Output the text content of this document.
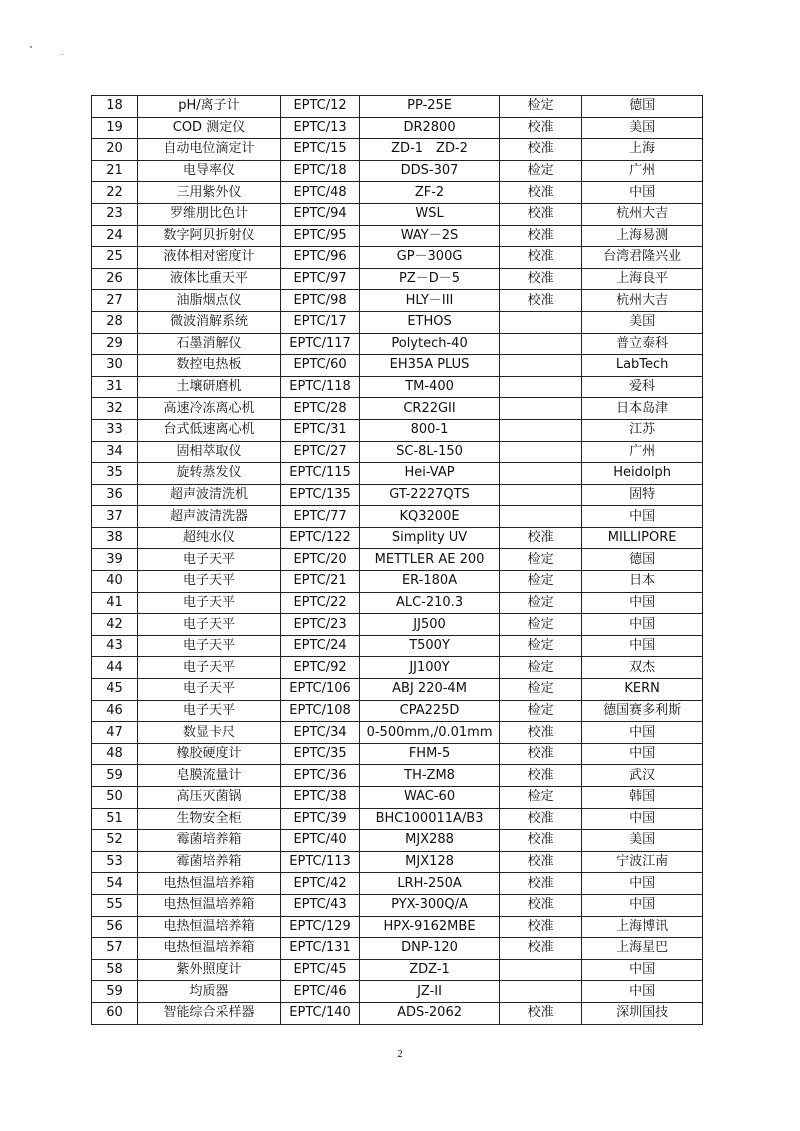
18	pH/离子计	EPTC/12	PP-25E	检定	德国
19	COD 测定仪	EPTC/13	DR2800	校准	美国
20	自动电位滴定计	EPTC/15	ZD-1　ZD-2	校准	上海
21	电导率仪	EPTC/18	DDS-307	检定	广州
22	三用紫外仪	EPTC/48	ZF-2	校准	中国
23	罗维朋比色计	EPTC/94	WSL	校准	杭州大吉
24	数字阿贝折射仪	EPTC/95	WAY－2S	校准	上海易测
25	液体相对密度计	EPTC/96	GP－300G	校准	台湾君隆兴业
26	液体比重天平	EPTC/97	PZ－D－5	校准	上海良平
27	油脂烟点仪	EPTC/98	HLY－III	校准	杭州大吉
28	微波消解系统	EPTC/17	ETHOS		美国
29	石墨消解仪	EPTC/117	Polytech-40		普立泰科
30	数控电热板	EPTC/60	EH35A PLUS		LabTech
31	土壤研磨机	EPTC/118	TM-400		爱科
32	高速冷冻离心机	EPTC/28	CR22GII		日本岛津
33	台式低速离心机	EPTC/31	800-1		江苏
34	固相萃取仪	EPTC/27	SC-8L-150		广州
35	旋转蒸发仪	EPTC/115	Hei-VAP		Heidolph
36	超声波清洗机	EPTC/135	GT-2227QTS		固特
37	超声波清洗器	EPTC/77	KQ3200E		中国
38	超纯水仪	EPTC/122	Simplity UV	校准	MILLIPORE
39	电子天平	EPTC/20	METTLER AE 200	检定	德国
40	电子天平	EPTC/21	ER-180A	检定	日本
41	电子天平	EPTC/22	ALC-210.3	检定	中国
42	电子天平	EPTC/23	JJ500	检定	中国
43	电子天平	EPTC/24	T500Y	检定	中国
44	电子天平	EPTC/92	JJ100Y	检定	双杰
45	电子天平	EPTC/106	ABJ 220-4M	检定	KERN
46	电子天平	EPTC/108	CPA225D	检定	德国赛多利斯
47	数显卡尺	EPTC/34	0-500mm,/0.01mm	校准	中国
48	橡胶硬度计	EPTC/35	FHM-5	校准	中国
59	皂膜流量计	EPTC/36	TH-ZM8	校准	武汉
50	高压灭菌锅	EPTC/38	WAC-60	检定	韩国
51	生物安全柜	EPTC/39	BHC100011A/B3	校准	中国
52	霉菌培养箱	EPTC/40	MJX288	校准	美国
53	霉菌培养箱	EPTC/113	MJX128	校准	宁波江南
54	电热恒温培养箱	EPTC/42	LRH-250A	校准	中国
55	电热恒温培养箱	EPTC/43	PYX-300Q/A	校准	中国
56	电热恒温培养箱	EPTC/129	HPX-9162MBE	校准	上海博讯
57	电热恒温培养箱	EPTC/131	DNP-120	校准	上海星巴
58	紫外照度计	EPTC/45	ZDZ-1		中国
59	均质器	EPTC/46	JZ-II		中国
60	智能综合采样器	EPTC/140	ADS-2062	校准	深圳国技
2
